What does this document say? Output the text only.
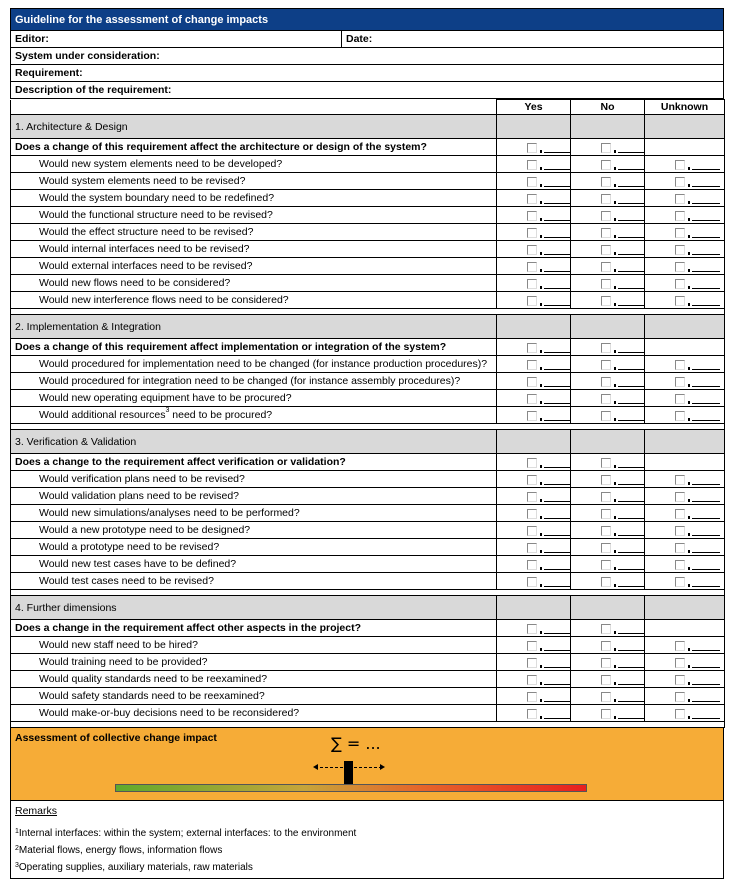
Guideline for the assessment of change impacts
Editor:	Date:
System under consideration:
Requirement:
Description of the requirement:
	Yes	No	Unknown
1. Architecture & Design			
Does a change of this requirement affect the architecture or design of the system?	

Would new system elements need to be developed?	

Would system elements need to be revised?	

Would the system boundary need to be redefined?	

Would the functional structure need to be revised?	

Would the effect structure need to be revised?	

Would internal interfaces need to be revised?	

Would external interfaces need to be revised?	

Would new flows need to be considered?	

Would new interference flows need to be considered?	

2. Implementation & Integration			
Does a change of this requirement affect implementation or integration of the system?	

Would procedured for implementation need to be changed (for instance production procedures)?	

Would procedured for integration need to be changed (for instance assembly procedures)?	

Would new operating equipment have to be procured?	

Would additional resources$^3$ need to be procured?	

3. Verification & Validation			
Does a change to the requirement affect verification or validation?	

Would verification plans need to be revised?	

Would validation plans need to be revised?	

Would new simulations/analyses need to be performed?	

Would a new prototype need to be designed?	

Would a prototype need to be revised?	

Would new test cases have to be defined?	

Would test cases need to be revised?	

4. Further dimensions			
Does a change in the requirement affect other aspects in the project?	

Would new staff need to be hired?	

Would training need to be provided?	

Would quality standards need to be reexamined?	

Would safety standards need to be reexamined?	

Would make-or-buy decisions need to be reconsidered?	

Assessment of collective change impact	∑ = ...
Remarks
$^1$Internal interfaces: within the system; external interfaces: to the environment
$^2$Material flows, energy flows, information flows
$^3$Operating supplies, auxiliary materials, raw materials
